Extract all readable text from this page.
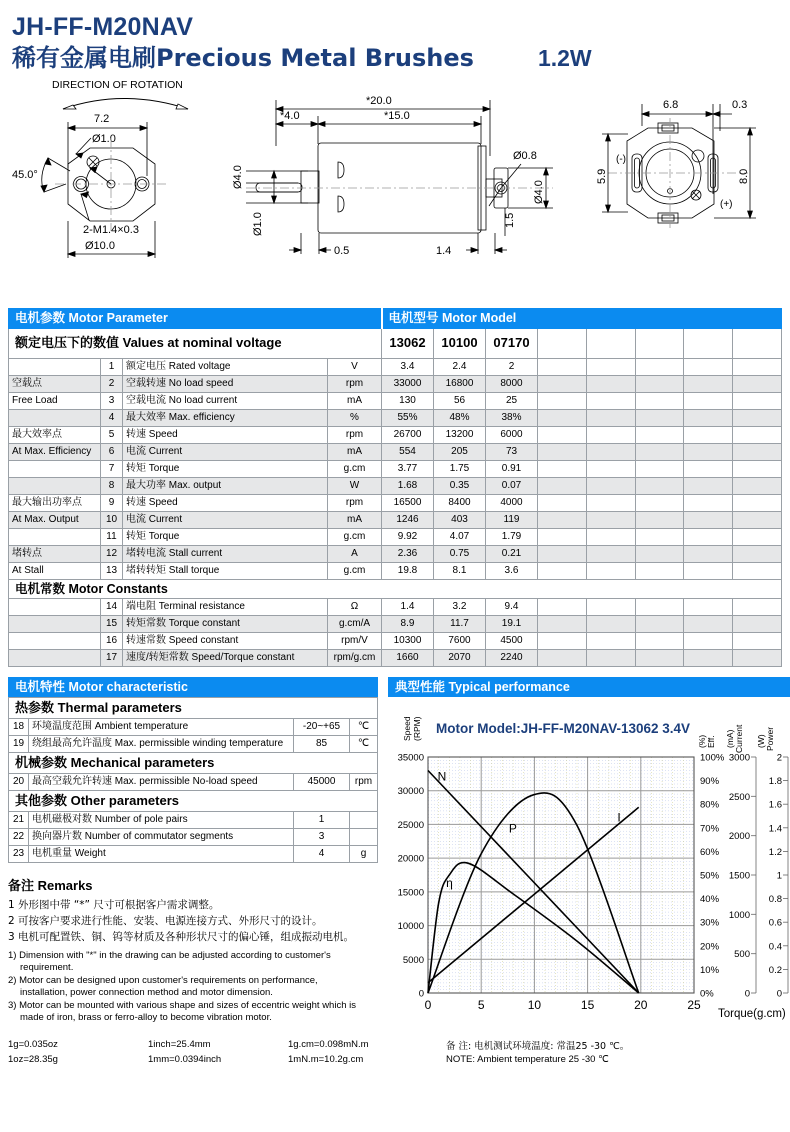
JH-FF-M20NAV
稀有金属电刷Precious Metal Brushes	1.2W
DIRECTION OF ROTATION
7.2
Ø1.0
45.0°
2-M1.4×0.3
Ø10.0
*20.0
*4.0	*15.0
Ø0.8
Ø4.0
Ø1.0
Ø4.0
1.5
0.5	1.4
6.8	0.3
(-)
(+)
8.0
5.9
电机参数 Motor Parameter				电机型号 Motor Model							
额定电压下的数值 Values at nominal voltage				13062	10100	07170					
	1	额定电压 Rated voltage	V	3.4	2.4	2					
空载点	2	空载转速 No load speed	rpm	33000	16800	8000					
Free Load	3	空载电流 No load current	mA	130	56	25					
	4	最大效率 Max. efficiency	%	55%	48%	38%					
最大效率点	5	转速 Speed	rpm	26700	13200	6000					
At Max. Efficiency	6	电流 Current	mA	554	205	73					
	7	转矩 Torque	g.cm	3.77	1.75	0.91					
	8	最大功率 Max. output	W	1.68	0.35	0.07					
最大输出功率点	9	转速 Speed	rpm	16500	8400	4000					
At Max. Output	10	电流 Current	mA	1246	403	119					
	11	转矩 Torque	g.cm	9.92	4.07	1.79					
堵转点	12	堵转电流 Stall current	A	2.36	0.75	0.21					
At Stall	13	堵转转矩 Stall torque	g.cm	19.8	8.1	3.6					
电机常数 Motor Constants											
	14	端电阻 Terminal resistance	Ω	1.4	3.2	9.4					
	15	转矩常数 Torque constant	g.cm/A	8.9	11.7	19.1					
	16	转速常数 Speed constant	rpm/V	10300	7600	4500					
	17	速度/转矩常数 Speed/Torque constant	rpm/g.cm	1660	2070	2240					
电机特性 Motor characteristic
热参数 Thermal parameters			
18	环境温度范围 Ambient temperature	-20~+65	℃
19	绕组最高允许温度 Max. permissible winding temperature	85	℃
机械参数 Mechanical parameters			
20	最高空载允许转速 Max. permissible No-load speed	45000	rpm
其他参数 Other parameters			
21	电机磁极对数 Number of pole pairs	1	
22	换向器片数 Number of commutator segments	3	
23	电机重量 Weight	4	g
备注 Remarks
1 外形图中带 “*” 尺寸可根据客户需求调整。
2 可按客户要求进行性能、安装、电源连接方式、外形尺寸的设计。
3 电机可配置铁、铜、钨等材质及各种形状尺寸的偏心锤，组成振动电机。
1) Dimension with "*" in the drawing can be adjusted according to customer's
requirement.
2) Motor can be designed upon customer's requirements on performance,
installation, power connection method and motor dimension.
3) Motor can be mounted with various shape and sizes of eccentric weight which is
made of iron, brass or ferro-alloy to become vibration motor.
1g=0.035oz
1oz=28.35g
1inch=25.4mm
1mm=0.0394inch
1g.cm=0.098mN.m
1mN.m=10.2g.cm
典型性能 Typical performance
Motor Model:JH-FF-M20NAV-13062 3.4V
Speed (RPM)
Eff.
(%)	Current
(mA)	Power
(W)
0
5000
10000
15000
20000
25000
30000
35000
0	5	10	15	20	25
0%
10%
20%
30%
40%
50%
60%
70%
80%
90%
100%
0
500
1000
1500
2000
2500
3000
0
0.2
0.4
0.6
0.8
1
1.2
1.4
1.6
1.8
2
N
I
P
η
Torque(g.cm)
备 注: 电机测试环境温度: 常温25 -30 ℃。
NOTE: Ambient temperature 25 -30 ℃
